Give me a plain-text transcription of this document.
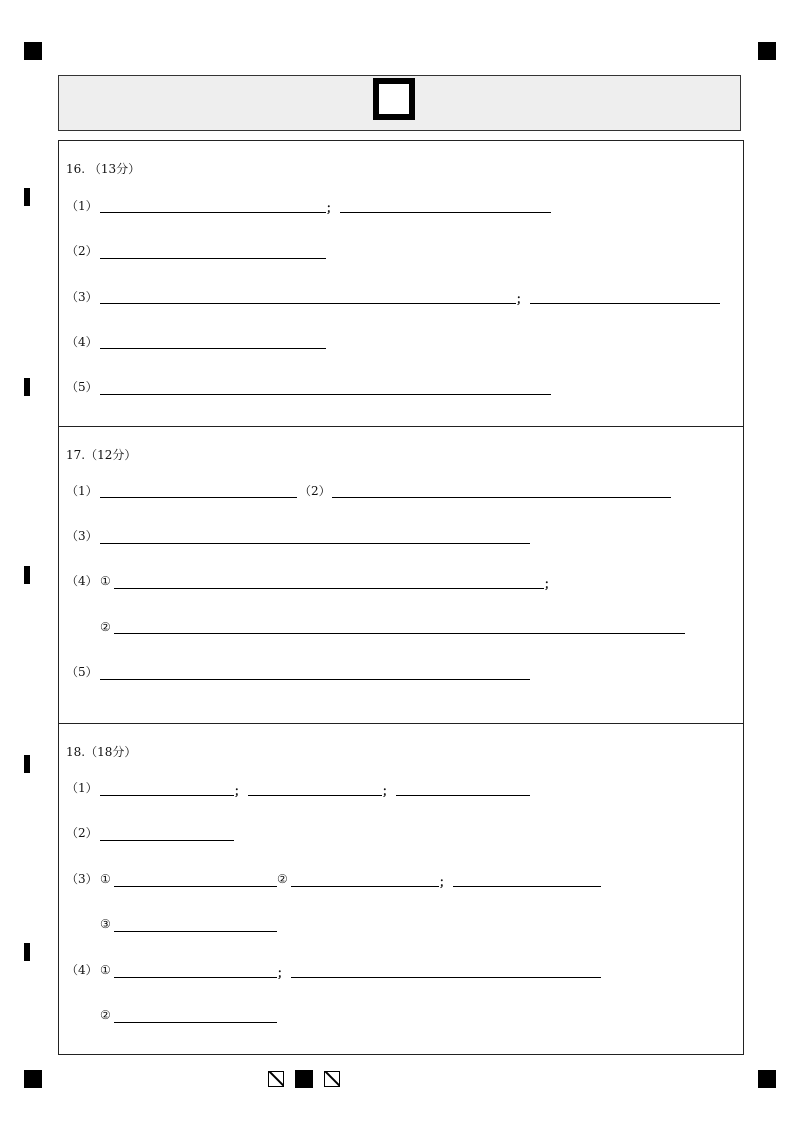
16. （13分）
（1）	；
（2）
（3）	；
（4）
（5）
17.（12分）
（1）	（2）
（3）
（4） ①	；
②
（5）
18.（18分）
（1）	；	；
（2）
（3） ①	②	；
③
（4） ①	；
②
